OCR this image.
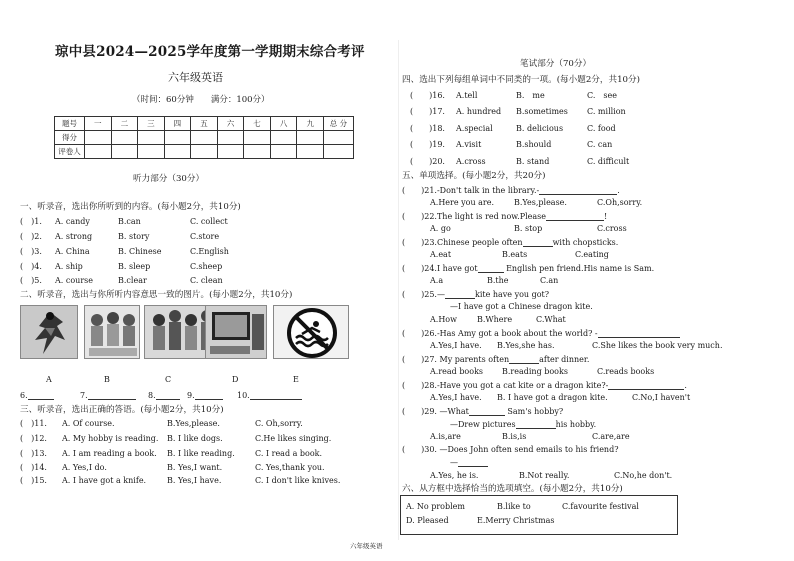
琼中县2024—2025学年度第一学期期末综合考评
六年级英语
（时间：60分钟　　满分：100分）
题号	一	二	三	四	五	六	七	八	九	总 分
得分										
评卷人										
听力部分（30分）
一、听录音，选出你所听到的内容。(每小题2分，共10分)
(　)1. A. candy	B.can	C. collect
(　)2. A. strong	B. story	C.store
(　)3. A. China	B. Chinese	C.English
(　)4. A. ship	B. sleep	C.sheep
(　)5. A. course	B.clear	C. clean
二、听录音，选出与你所听内容意思一致的图片。(每小题2分，共10分)
A	B	C	D	E
6.	7.	8.	9.	10.
三、听录音，选出正确的答语。(每小题2分，共10分)
(　)11. A. Of course.	B.Yes,please.	C. Oh,sorry.
(　)12. A. My hobby is reading. B. I like dogs.	C.He likes singing.
(　)13. A. I am reading a book. B. I like reading.	C. I read a book.
(　)14. A. Yes,I do.	B. Yes,I want.	C. Yes,thank you.
(　)15. A. I have got a knife.	B. Yes,I have.	C. I don't like knives.
笔试部分（70分）
四、选出下列每组单词中不同类的一项。(每小题2分，共10分)
(　　)16. A.tell	B.　me	C.　see
(　　)17. A. hundred B.sometimes C. million
(　　)18. A.special	B. delicious	C. food
(　　)19. A.visit	B.should	C. can
(　　)20. A.cross	B. stand	C. difficult
五、单项选择。(每小题2分，共20分)
(　　)21.-Don't talk in the library.-	.
A.Here you are. B.Yes,please.	C.Oh,sorry.
(　　)22.The light is red now.Please	!
A. go	B. stop	C.cross
(　　)23.Chinese people often	with chopsticks.
A.eat	B.eats	C.eating
(　　)24.I have got	English pen friend.His name is Sam.
A.a	B.the	C.an
(　　)25.—	kite have you got?
—I have got a Chinese dragon kite.
A.How	B.Where	C.What
(　　)26.-Has Amy got a book about the world? -
A.Yes,I have. B.Yes,she has.	C.She likes the book very much.
(　　)27. My parents often	after dinner.
A.read books B.reading books	C.reads books
(　　)28.-Have you got a cat kite or a dragon kite?-	.
A.Yes,I have. B. I have got a dragon kite.	C.No,I haven't
(　　)29. —What	Sam's hobby?
—Drew pictures	his hobby.
A.is,are	B.is,is	C.are,are
(　　)30. —Does John often send emails to his friend?
—
A.Yes, he is.	B.Not really.	C.No,he don't.
六、从方框中选择恰当的选项填空。(每小题2分，共10分)
A. No problem	B.like to	C.favourite festival
D. Pleased	E.Merry Christmas
六年级英语
